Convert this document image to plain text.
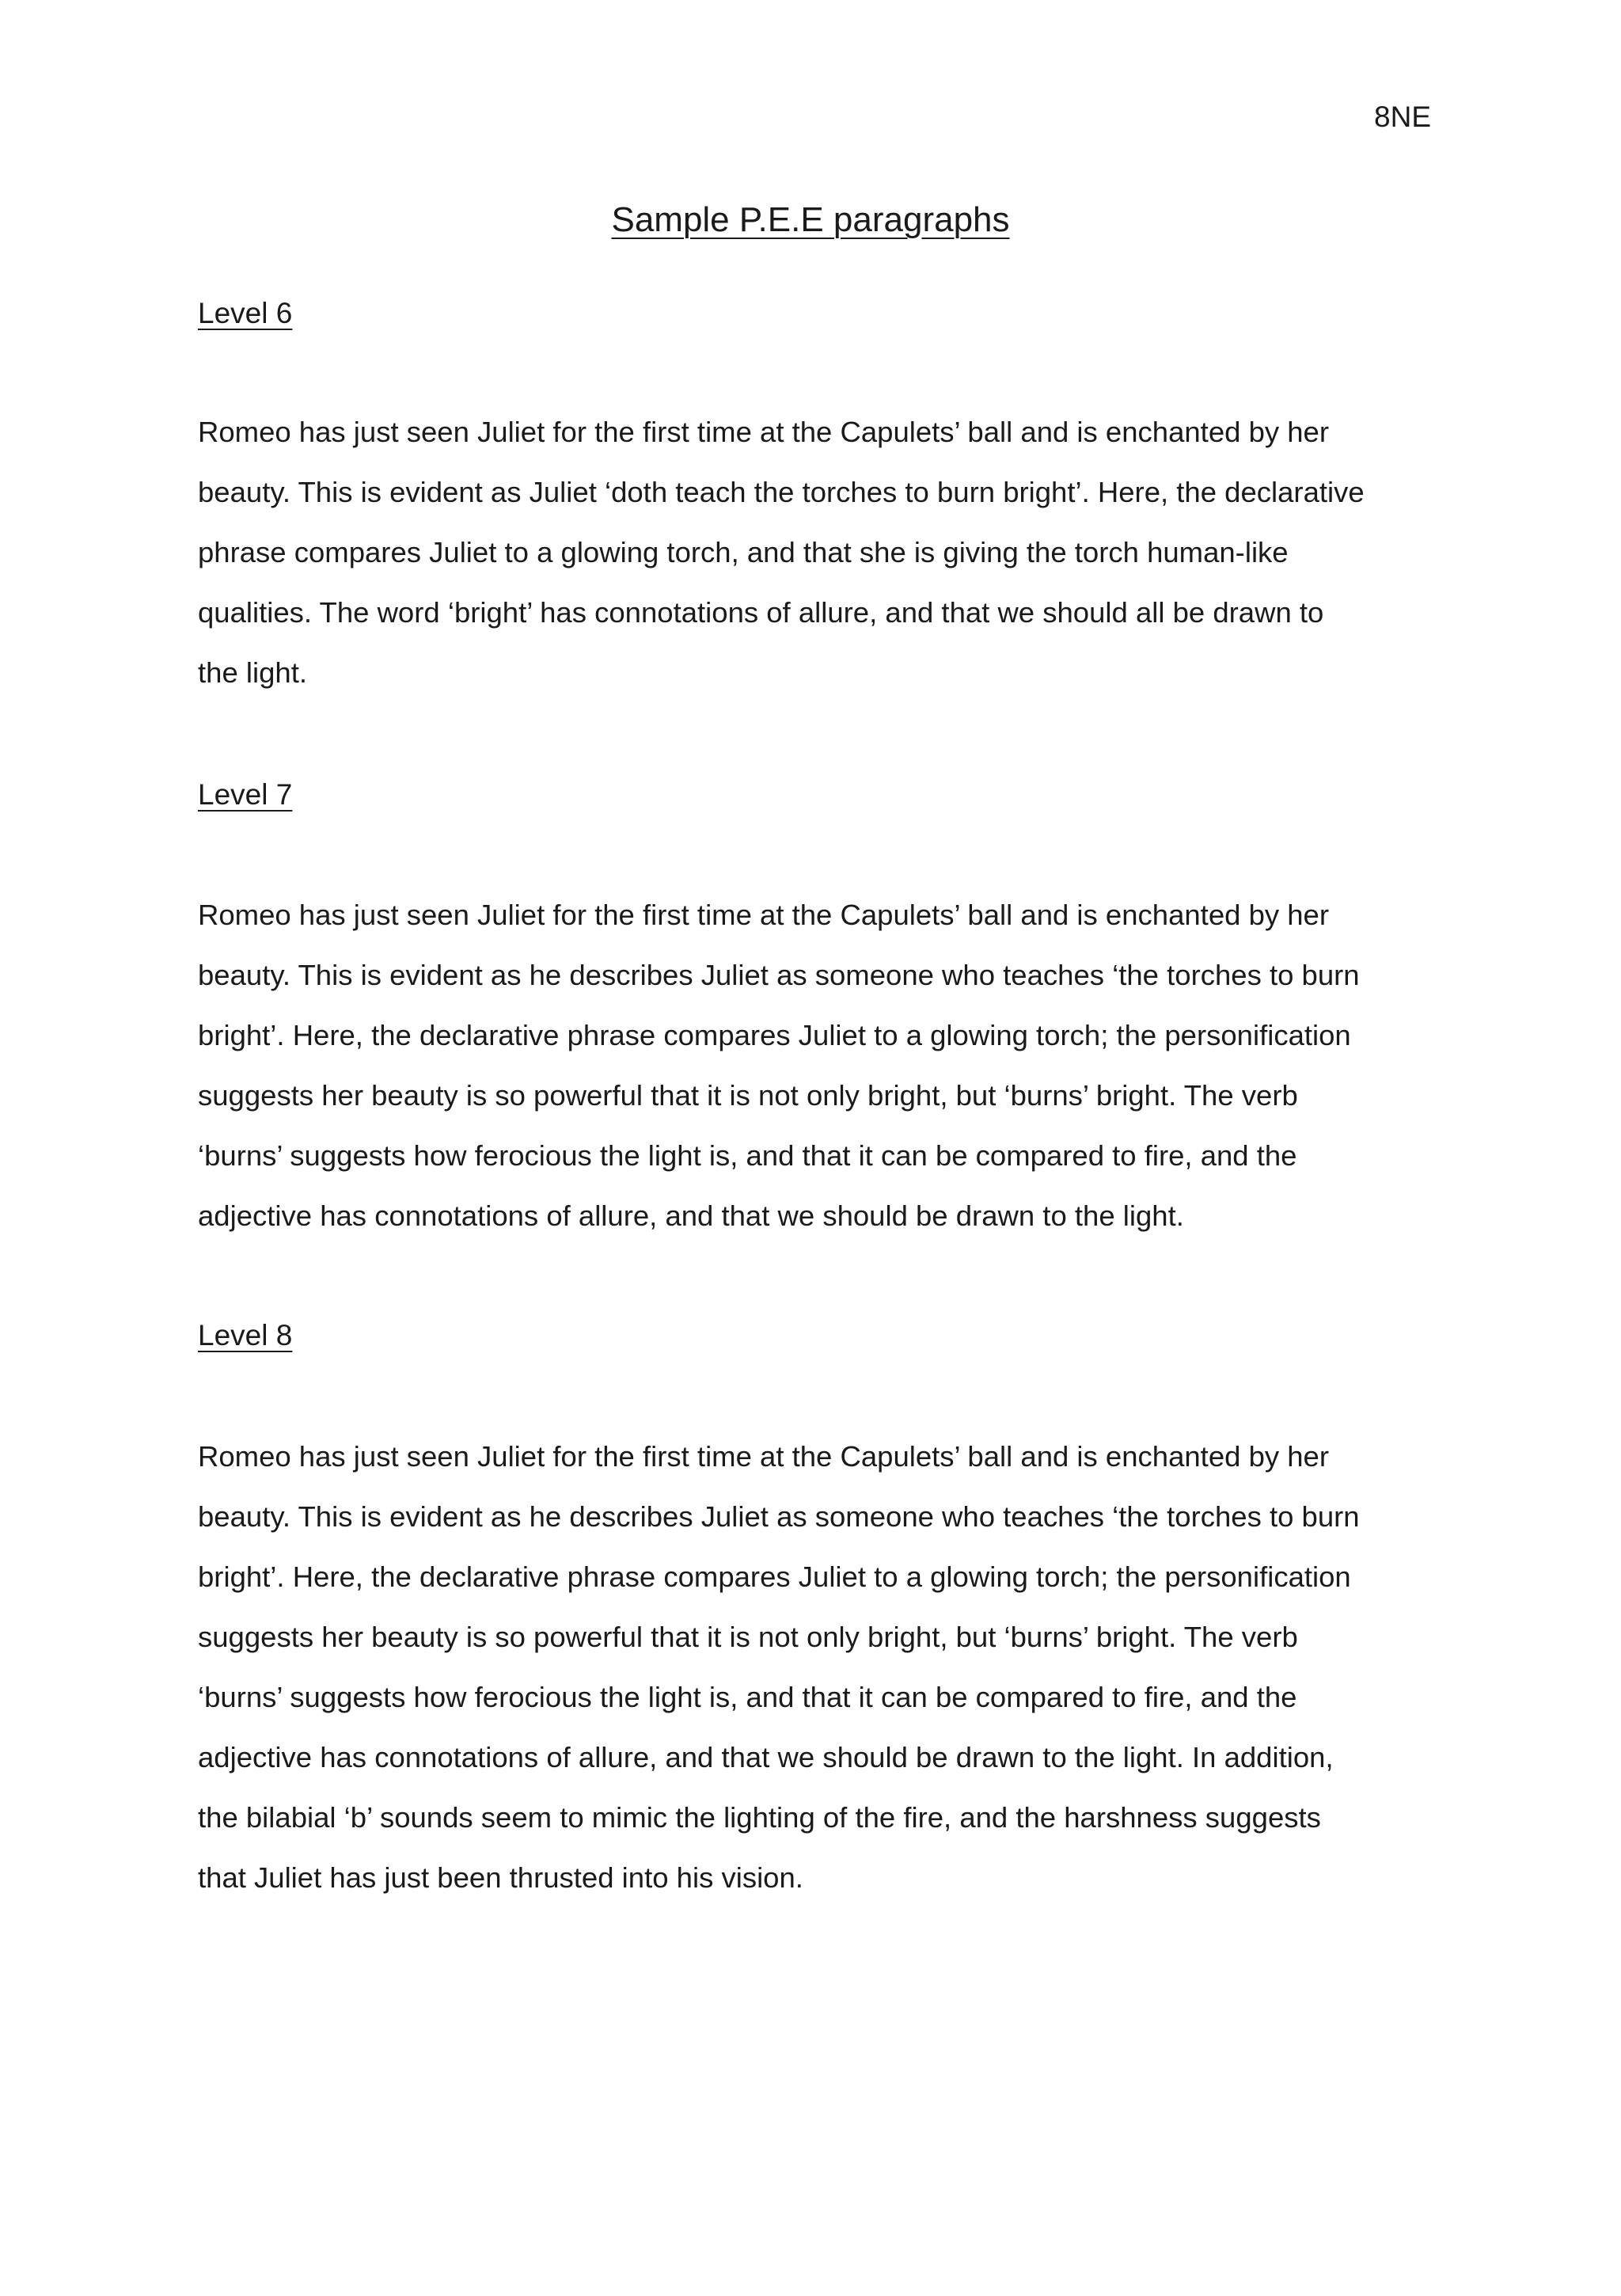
8NE
Sample P.E.E paragraphs
Level 6
Romeo has just seen Juliet for the first time at the Capulets’ ball and is enchanted by her
beauty. This is evident as Juliet ‘doth teach the torches to burn bright’. Here, the declarative
phrase compares Juliet to a glowing torch, and that she is giving the torch human-like
qualities. The word ‘bright’ has connotations of allure, and that we should all be drawn to
the light.
Level 7
Romeo has just seen Juliet for the first time at the Capulets’ ball and is enchanted by her
beauty. This is evident as he describes Juliet as someone who teaches ‘the torches to burn
bright’. Here, the declarative phrase compares Juliet to a glowing torch; the personification
suggests her beauty is so powerful that it is not only bright, but ‘burns’ bright. The verb
‘burns’ suggests how ferocious the light is, and that it can be compared to fire, and the
adjective has connotations of allure, and that we should be drawn to the light.
Level 8
Romeo has just seen Juliet for the first time at the Capulets’ ball and is enchanted by her
beauty. This is evident as he describes Juliet as someone who teaches ‘the torches to burn
bright’. Here, the declarative phrase compares Juliet to a glowing torch; the personification
suggests her beauty is so powerful that it is not only bright, but ‘burns’ bright. The verb
‘burns’ suggests how ferocious the light is, and that it can be compared to fire, and the
adjective has connotations of allure, and that we should be drawn to the light. In addition,
the bilabial ‘b’ sounds seem to mimic the lighting of the fire, and the harshness suggests
that Juliet has just been thrusted into his vision.
